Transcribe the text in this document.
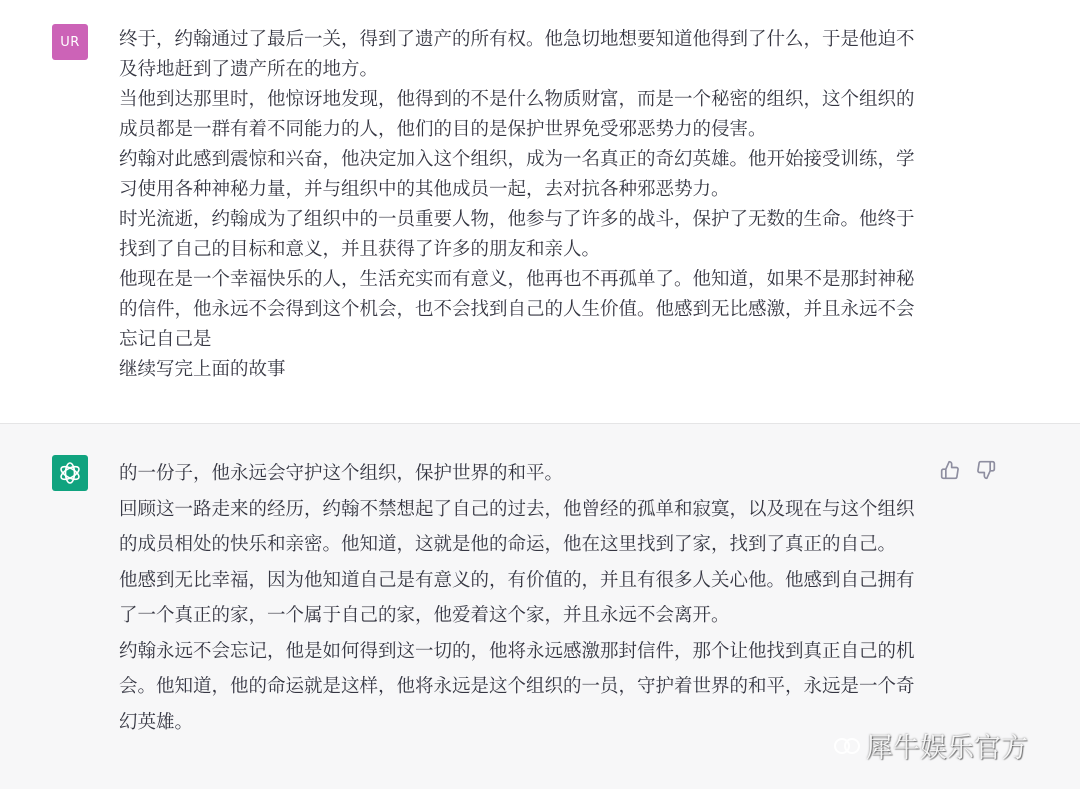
UR 终于，约翰通过了最后一关，得到了遗产的所有权。他急切地想要知道他得到了什么，于是他迫不及待地赶到了遗产所在的地方。

当他到达那里时，他惊讶地发现，他得到的不是什么物质财富，而是一个秘密的组织，这个组织的成员都是一群有着不同能力的人，他们的目的是保护世界免受邪恶势力的侵害。

约翰对此感到震惊和兴奋，他决定加入这个组织，成为一名真正的奇幻英雄。他开始接受训练，学习使用各种神秘力量，并与组织中的其他成员一起，去对抗各种邪恶势力。

时光流逝，约翰成为了组织中的一员重要人物，他参与了许多的战斗，保护了无数的生命。他终于找到了自己的目标和意义，并且获得了许多的朋友和亲人。

他现在是一个幸福快乐的人，生活充实而有意义，他再也不再孤单了。他知道，如果不是那封神秘的信件，他永远不会得到这个机会，也不会找到自己的人生价值。他感到无比感激，并且永远不会忘记自己是

继续写完上面的故事

的一份子，他永远会守护这个组织，保护世界的和平。

回顾这一路走来的经历，约翰不禁想起了自己的过去，他曾经的孤单和寂寞，以及现在与这个组织的成员相处的快乐和亲密。他知道，这就是他的命运，他在这里找到了家，找到了真正的自己。

他感到无比幸福，因为他知道自己是有意义的，有价值的，并且有很多人关心他。他感到自己拥有了一个真正的家，一个属于自己的家，他爱着这个家，并且永远不会离开。

约翰永远不会忘记，他是如何得到这一切的，他将永远感激那封信件，那个让他找到真正自己的机会。他知道，他的命运就是这样，他将永远是这个组织的一员，守护着世界的和平，永远是一个奇幻英雄。

犀牛娱乐官方
